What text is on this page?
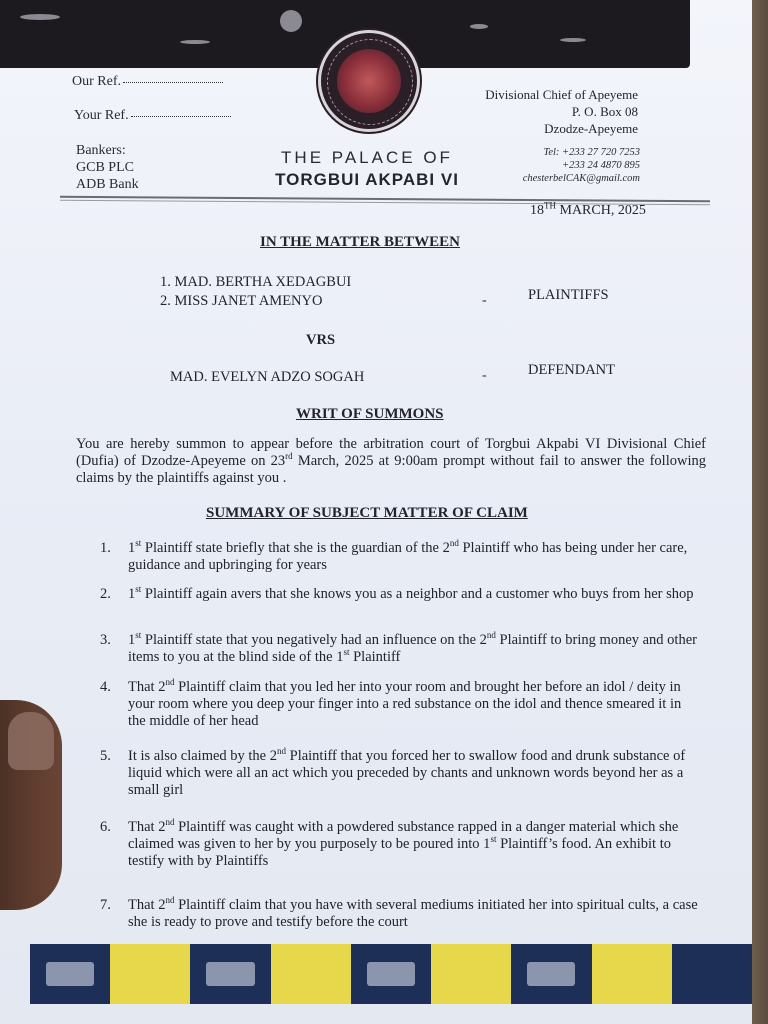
Our Ref.
Your Ref.
Bankers:
GCB PLC
ADB Bank
THE PALACE OF
TORGBUI AKPABI VI
Divisional Chief of Apeyeme
P. O. Box 08
Dzodze-Apeyeme
Tel: +233 27 720 7253
+233 24 4870 895
chesterbelCAK@gmail.com
18TH MARCH, 2025
IN THE MATTER BETWEEN
1. MAD. BERTHA XEDAGBUI
2. MISS JANET AMENYO	-	PLAINTIFFS
VRS
MAD. EVELYN ADZO SOGAH	-	DEFENDANT
WRIT OF SUMMONS
You are hereby summon to appear before the arbitration court of Torgbui Akpabi VI Divisional Chief (Dufia) of Dzodze-Apeyeme on 23rd March, 2025 at 9:00am prompt without fail to answer the following claims by the plaintiffs against you .
SUMMARY OF SUBJECT MATTER OF CLAIM
1.	1st Plaintiff state briefly that she is the guardian of the 2nd Plaintiff who has being under her care, guidance and upbringing for years
2.	1st Plaintiff again avers that she knows you as a neighbor and a customer who buys from her shop
3.	1st Plaintiff state that you negatively had an influence on the 2nd Plaintiff to bring money and other items to you at the blind side of the 1st Plaintiff
4.	That 2nd Plaintiff claim that you led her into your room and brought her before an idol / deity in your room where you deep your finger into a red substance on the idol and thence smeared it in the middle of her head
5.	It is also claimed by the 2nd Plaintiff that you forced her to swallow food and drunk substance of liquid which were all an act which you preceded by chants and unknown words beyond her as a small girl
6.	That 2nd Plaintiff was caught with a powdered substance rapped in a danger material which she claimed was given to her by you purposely to be poured into 1st Plaintiff’s food. An exhibit to testify with by Plaintiffs
7.	That 2nd Plaintiff claim that you have with several mediums initiated her into spiritual cults, a case she is ready to prove and testify before the court
